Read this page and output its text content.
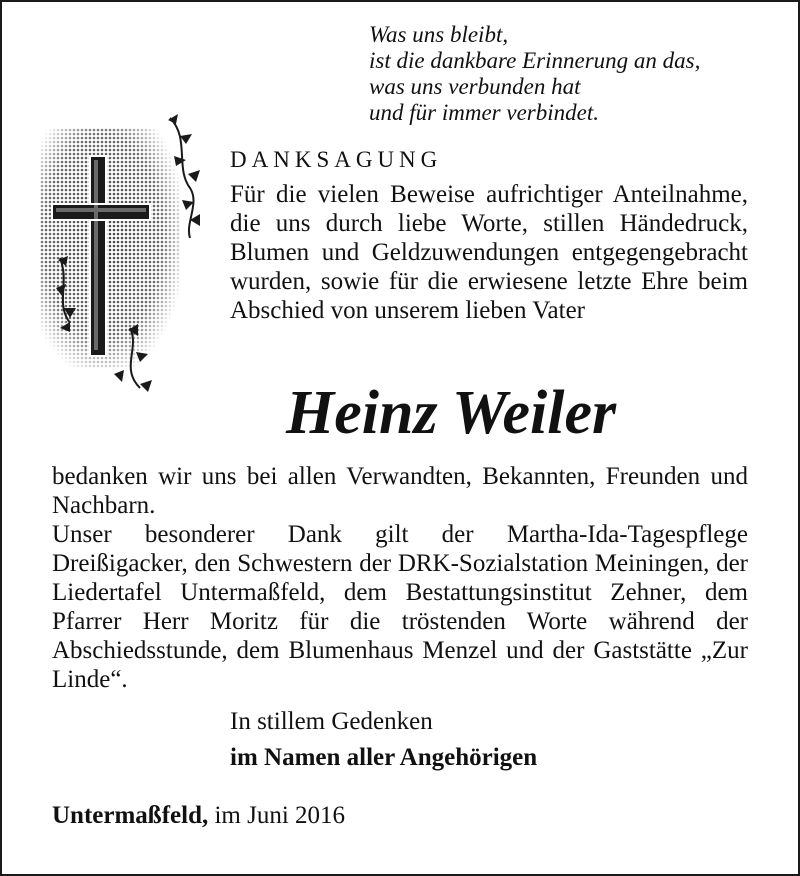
Was uns bleibt,
ist die dankbare Erinnerung an das,
was uns verbunden hat
und für immer verbindet.
DANKSAGUNG
Für die vielen Beweise aufrichtiger Anteilnahme, die uns durch liebe Worte, stillen Händedruck, Blumen und Geldzuwendungen entgegengebracht wurden, sowie für die erwiesene letzte Ehre beim Abschied von unserem lieben Vater
Heinz Weiler
bedanken wir uns bei allen Verwandten, Bekannten, Freunden und Nachbarn.
Unser besonderer Dank gilt der Martha-Ida-Tagespflege Dreißigacker, den Schwestern der DRK-Sozialstation Meiningen, der Liedertafel Untermaßfeld, dem Bestattungsinstitut Zehner, dem Pfarrer Herr Moritz für die tröstenden Worte während der Abschiedsstunde, dem Blumenhaus Menzel und der Gaststätte „Zur Linde“.
In stillem Gedenken
im Namen aller Angehörigen
Untermaßfeld, im Juni 2016
